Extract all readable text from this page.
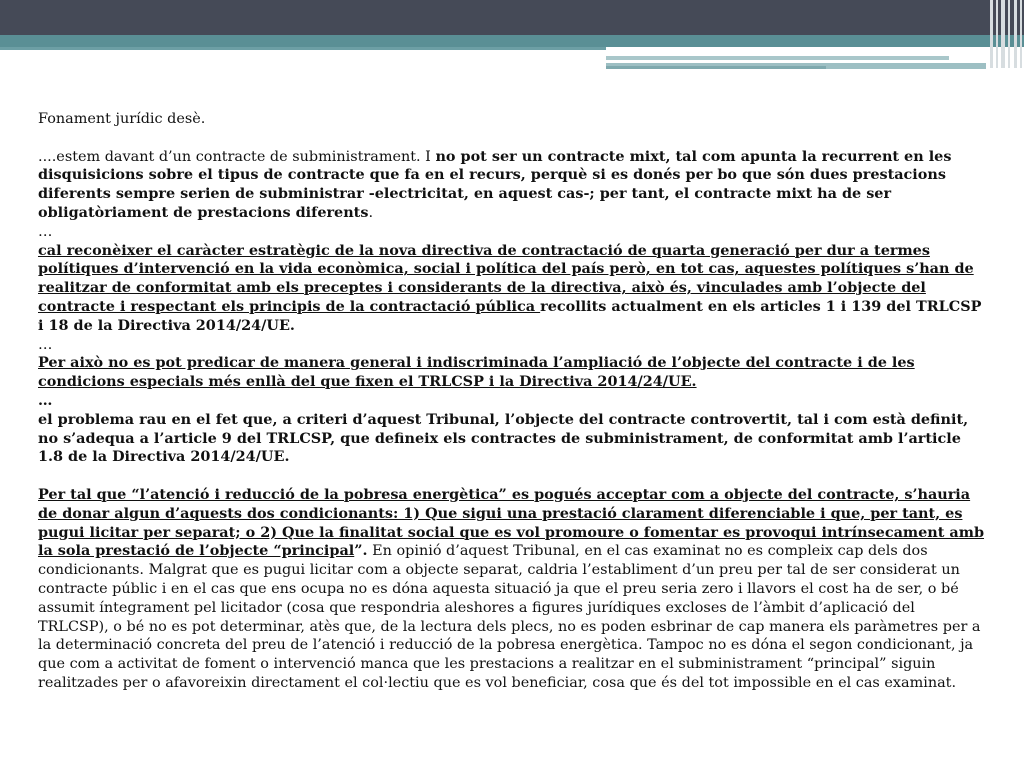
Fonament jurídic desè.

....estem davant d’un contracte de subministrament. I no pot ser un contracte mixt, tal com apunta la recurrent en les disquisicions sobre el tipus de contracte que fa en el recurs, perquè si es donés per bo que són dues prestacions diferents sempre serien de subministrar -electricitat, en aquest cas-; per tant, el contracte mixt ha de ser obligatòriament de prestacions diferents.

…

cal reconèixer el caràcter estratègic de la nova directiva de contractació de quarta generació per dur a termes polítiques d’intervenció en la vida econòmica, social i política del país però, en tot cas, aquestes polítiques s’han de realitzar de conformitat amb els preceptes i considerants de la directiva, això és, vinculades amb l’objecte del contracte i respectant els principis de la contractació pública recollits actualment en els articles 1 i 139 del TRLCSP i 18 de la Directiva 2014/24/UE.

…

Per això no es pot predicar de manera general i indiscriminada l’ampliació de l’objecte del contracte i de les condicions especials més enllà del que fixen el TRLCSP i la Directiva 2014/24/UE.

…

el problema rau en el fet que, a criteri d’aquest Tribunal, l’objecte del contracte controvertit, tal i com està definit, no s’adequa a l’article 9 del TRLCSP, que defineix els contractes de subministrament, de conformitat amb l’article 1.8 de la Directiva 2014/24/UE.

Per tal que “l’atenció i reducció de la pobresa energètica” es pogués acceptar com a objecte del contracte, s’hauria de donar algun d’aquests dos condicionants: 1) Que sigui una prestació clarament diferenciable i que, per tant, es pugui licitar per separat; o 2) Que la finalitat social que es vol promoure o fomentar es provoqui intrínsecament amb la sola prestació de l’objecte “principal”. En opinió d’aquest Tribunal, en el cas examinat no es compleix cap dels dos condicionants. Malgrat que es pugui licitar com a objecte separat, caldria l’establiment d’un preu per tal de ser considerat un contracte públic i en el cas que ens ocupa no es dóna aquesta situació ja que el preu seria zero i llavors el cost ha de ser, o bé assumit íntegrament pel licitador (cosa que respondria aleshores a figures jurídiques excloses de l’àmbit d’aplicació del TRLCSP), o bé no es pot determinar, atès que, de la lectura dels plecs, no es poden esbrinar de cap manera els paràmetres per a la determinació concreta del preu de l’atenció i reducció de la pobresa energètica. Tampoc no es dóna el segon condicionant, ja que com a activitat de foment o intervenció manca que les prestacions a realitzar en el subministrament “principal” siguin realitzades per o afavoreixin directament el col·lectiu que es vol beneficiar, cosa que és del tot impossible en el cas examinat.
